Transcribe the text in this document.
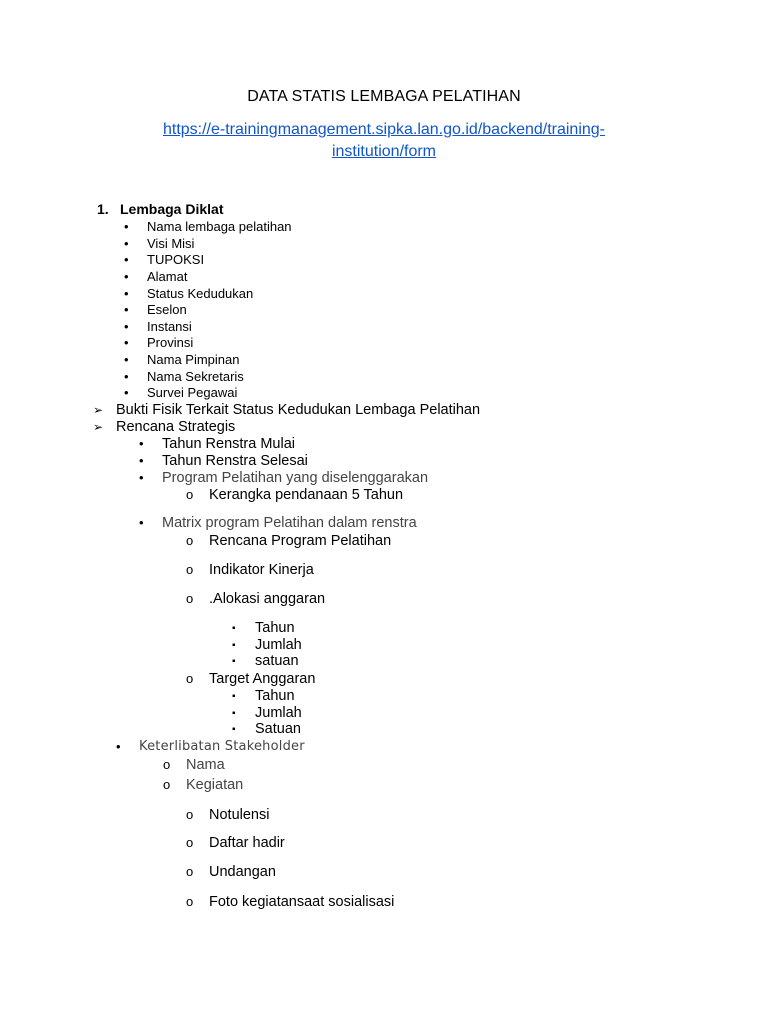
DATA STATIS LEMBAGA PELATIHAN
https://e-trainingmanagement.sipka.lan.go.id/backend/training-institution/form
1. Lembaga Diklat
• Nama lembaga pelatihan
• Visi Misi
• TUPOKSI
• Alamat
• Status Kedudukan
• Eselon
• Instansi
• Provinsi
• Nama Pimpinan
• Nama Sekretaris
• Survei Pegawai
➢ Bukti Fisik Terkait Status Kedudukan Lembaga Pelatihan
➢ Rencana Strategis
• Tahun Renstra Mulai
• Tahun Renstra Selesai
• Program Pelatihan yang diselenggarakan
o Kerangka pendanaan 5 Tahun
• Matrix program Pelatihan dalam renstra
o Rencana Program Pelatihan
o Indikator Kinerja
o .Alokasi anggaran
▪ Tahun
▪ Jumlah
▪ satuan
o Target Anggaran
▪ Tahun
▪ Jumlah
▪ Satuan
• Keterlibatan Stakeholder
o Nama
o Kegiatan
o Notulensi
o Daftar hadir
o Undangan
o Foto kegiatansaat sosialisasi
